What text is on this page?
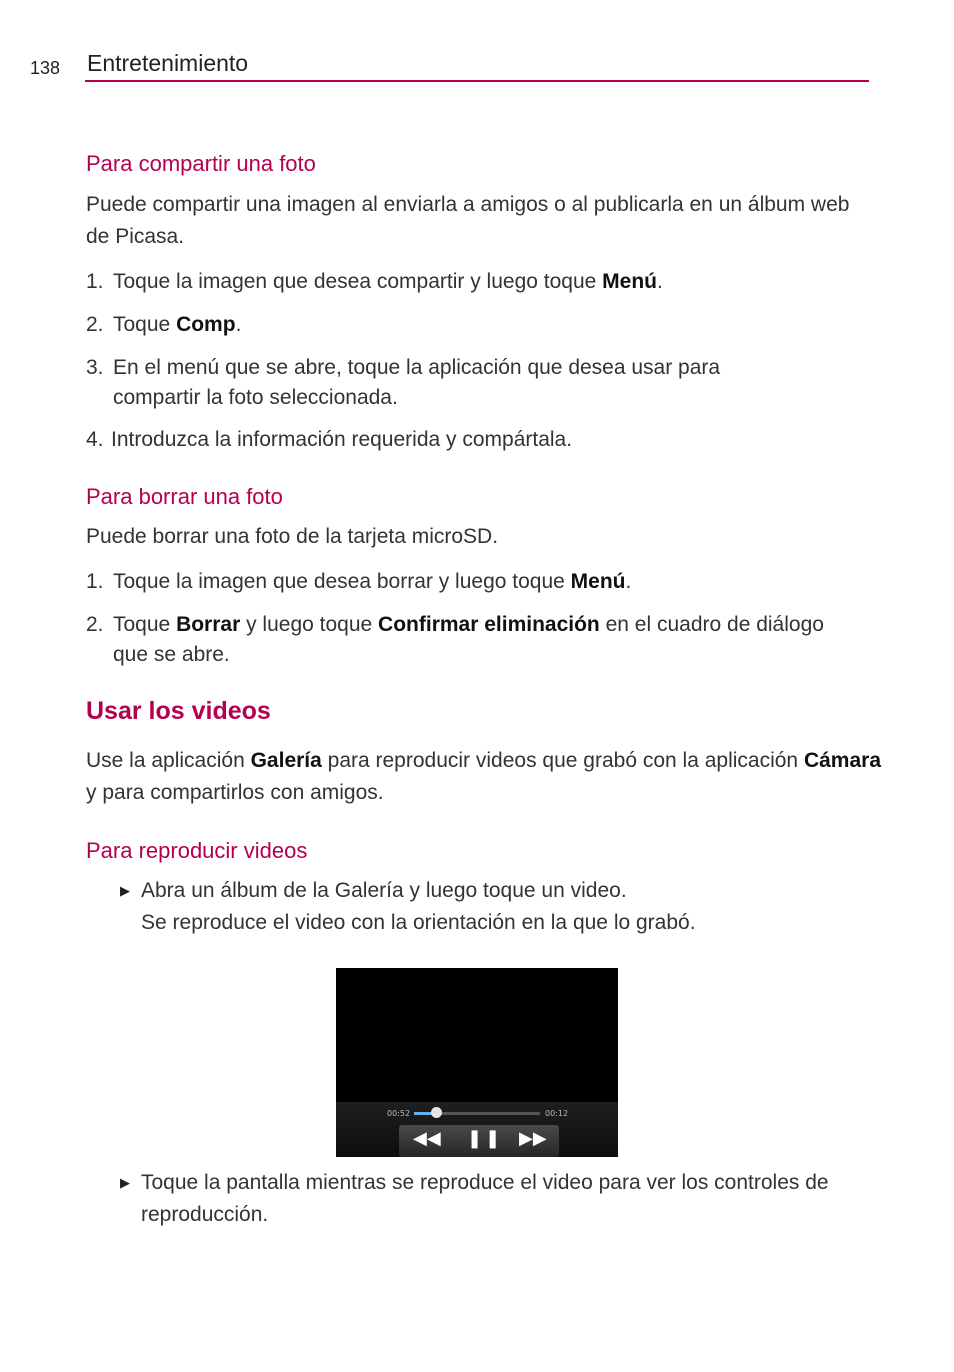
138 Entretenimiento
Para compartir una foto
Puede compartir una imagen al enviarla a amigos o al publicarla en un álbum web de Picasa.
1. Toque la imagen que desea compartir y luego toque Menú.
2. Toque Comp.
3. En el menú que se abre, toque la aplicación que desea usar para compartir la foto seleccionada.
4. Introduzca la información requerida y compártala.
Para borrar una foto
Puede borrar una foto de la tarjeta microSD.
1. Toque la imagen que desea borrar y luego toque Menú.
2. Toque Borrar y luego toque Confirmar eliminación en el cuadro de diálogo que se abre.
Usar los videos
Use la aplicación Galería para reproducir videos que grabó con la aplicación Cámara y para compartirlos con amigos.
Para reproducir videos
▶ Abra un álbum de la Galería y luego toque un video.
Se reproduce el video con la orientación en la que lo grabó.
00:52	00:12
◀◀ ❚❚ ▶▶
▶ Toque la pantalla mientras se reproduce el video para ver los controles de reproducción.
